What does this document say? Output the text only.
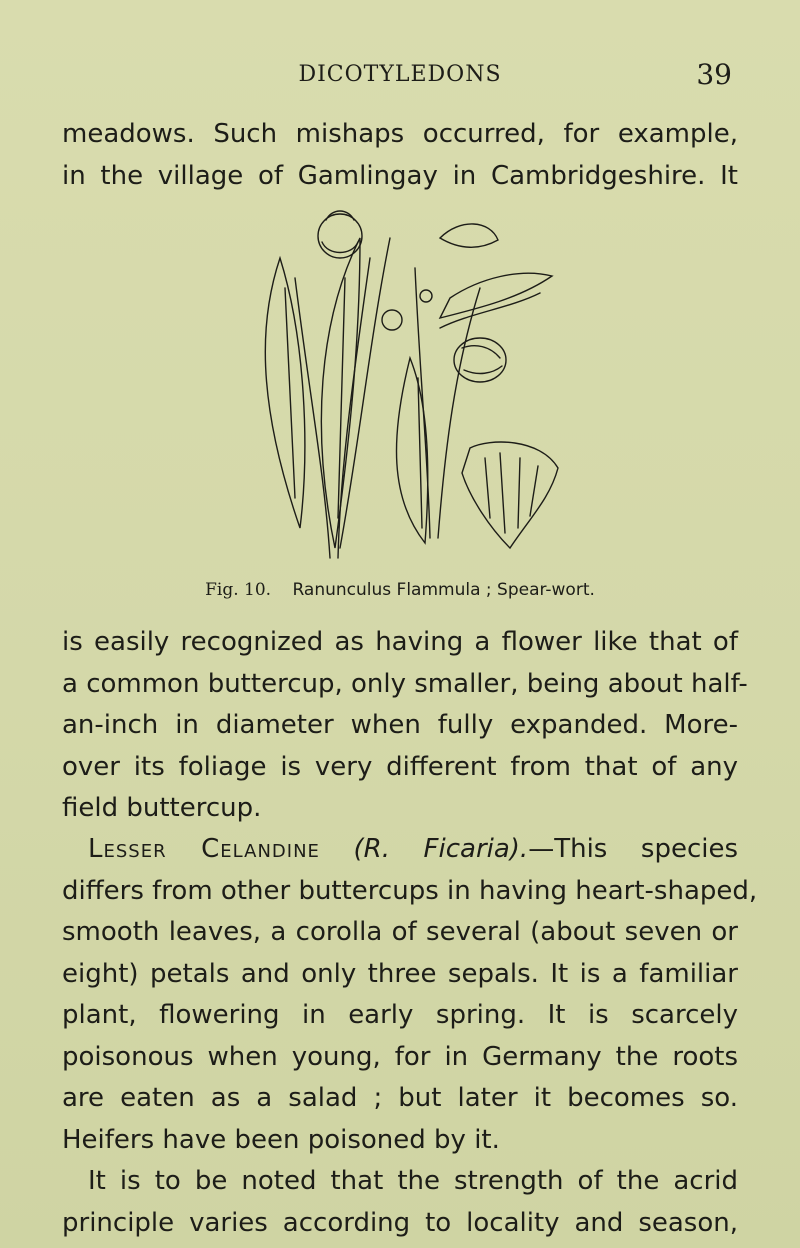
DICOTYLEDONS	39
meadows. Such mishaps occurred, for example,
in the village of Gamlingay in Cambridgeshire. It
Fig. 10. Ranunculus Flammula ; Spear-wort.
is easily recognized as having a flower like that of
a common buttercup, only smaller, being about half-
an-inch in diameter when fully expanded. More-
over its foliage is very different from that of any
field buttercup.
Lesser Celandine (R. Ficaria).—This species
differs from other buttercups in having heart-shaped,
smooth leaves, a corolla of several (about seven or
eight) petals and only three sepals. It is a familiar
plant, flowering in early spring. It is scarcely
poisonous when young, for in Germany the roots
are eaten as a salad ; but later it becomes so.
Heifers have been poisoned by it.
It is to be noted that the strength of the acrid
principle varies according to locality and season,
